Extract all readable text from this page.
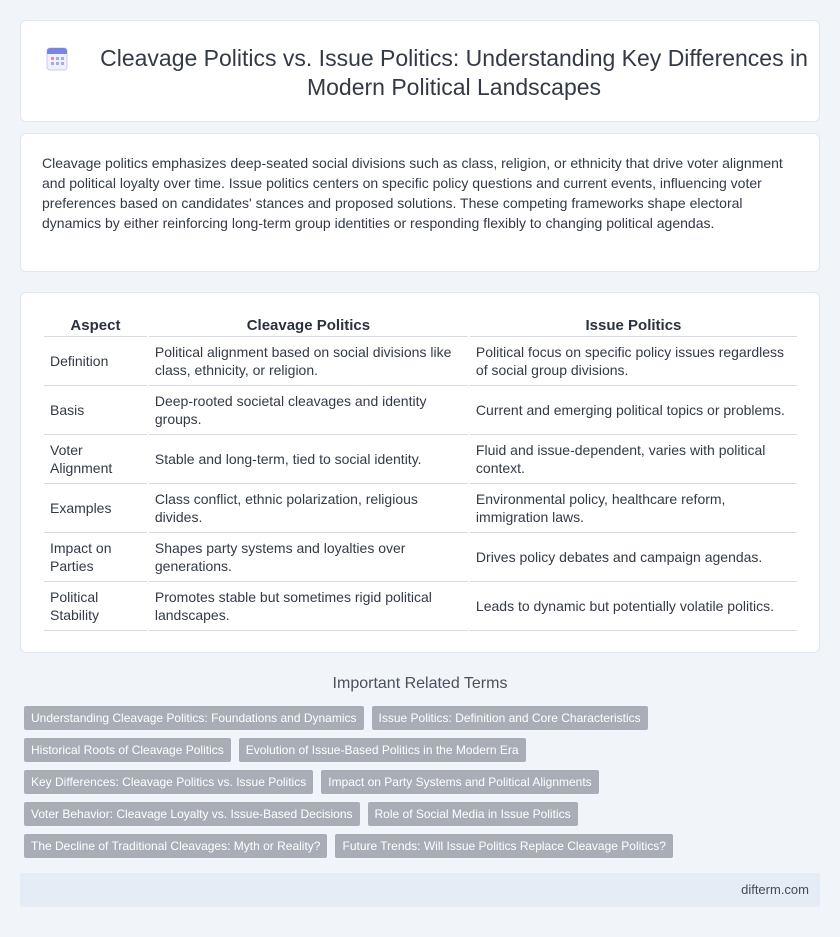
Cleavage Politics vs. Issue Politics: Understanding Key Differences in Modern Political Landscapes

Cleavage politics emphasizes deep-seated social divisions such as class, religion, or ethnicity that drive voter alignment and political loyalty over time. Issue politics centers on specific policy questions and current events, influencing voter preferences based on candidates' stances and proposed solutions. These competing frameworks shape electoral dynamics by either reinforcing long-term group identities or responding flexibly to changing political agendas.

Aspect	Cleavage Politics	Issue Politics
Definition	Political alignment based on social divisions like class, ethnicity, or religion.	Political focus on specific policy issues regardless of social group divisions.
Basis	Deep-rooted societal cleavages and identity groups.	Current and emerging political topics or problems.
Voter Alignment	Stable and long-term, tied to social identity.	Fluid and issue-dependent, varies with political context.
Examples	Class conflict, ethnic polarization, religious divides.	Environmental policy, healthcare reform, immigration laws.
Impact on Parties	Shapes party systems and loyalties over generations.	Drives policy debates and campaign agendas.
Political Stability	Promotes stable but sometimes rigid political landscapes.	Leads to dynamic but potentially volatile politics.
Important Related Terms
Understanding Cleavage Politics: Foundations and Dynamics	Issue Politics: Definition and Core Characteristics
Historical Roots of Cleavage Politics	Evolution of Issue-Based Politics in the Modern Era
Key Differences: Cleavage Politics vs. Issue Politics	Impact on Party Systems and Political Alignments
Voter Behavior: Cleavage Loyalty vs. Issue-Based Decisions	Role of Social Media in Issue Politics
The Decline of Traditional Cleavages: Myth or Reality?	Future Trends: Will Issue Politics Replace Cleavage Politics?
difterm.com
